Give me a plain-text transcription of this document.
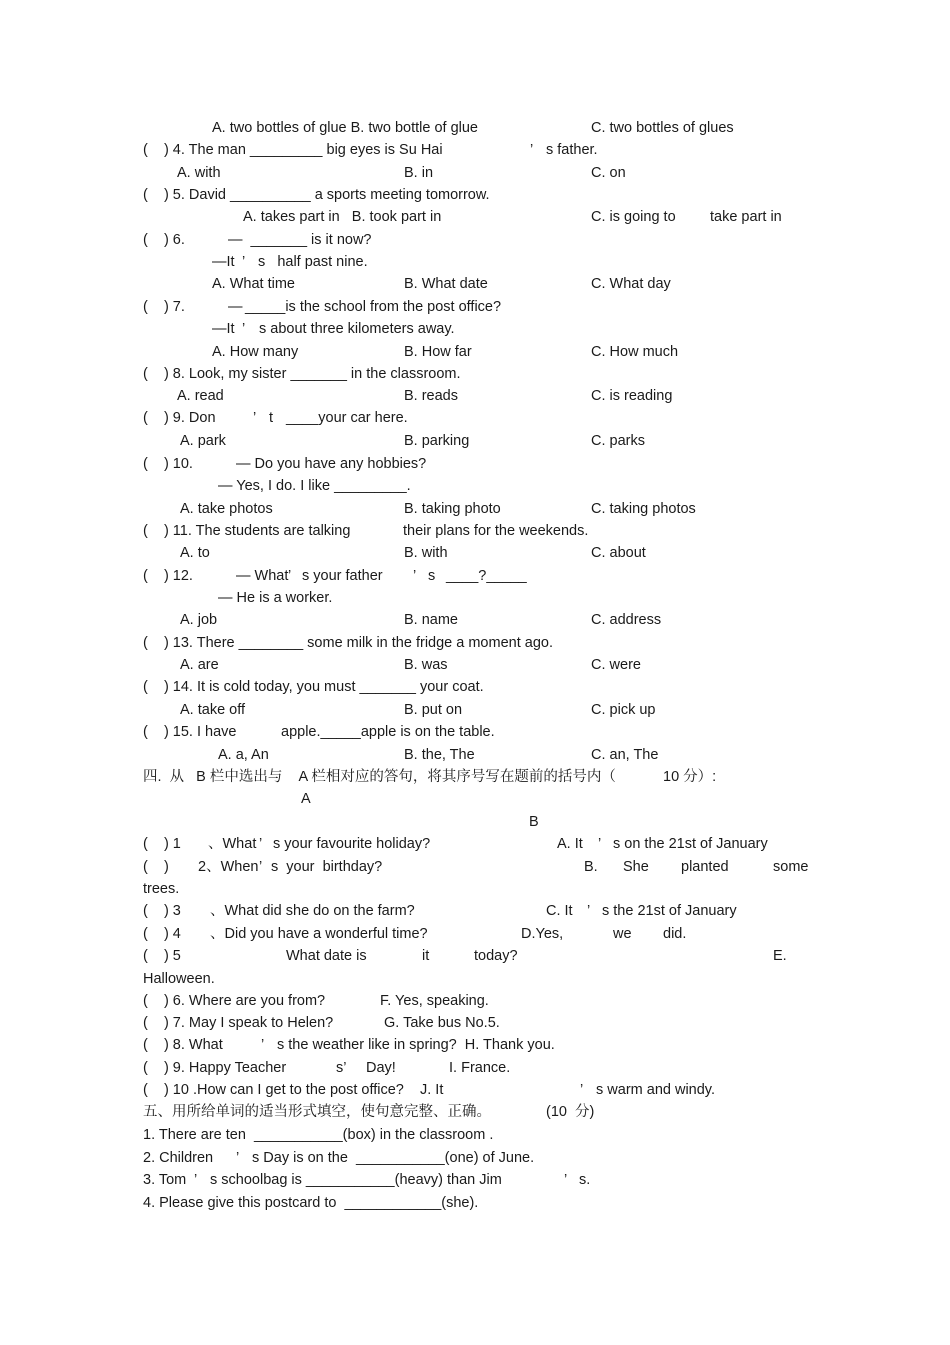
A. two bottles of glue B. two bottle of glue	C. two bottles of glues
(    ) 4. The man _________ big eyes is Su Hai	’ s father.
A. with	B. in	C. on
(    ) 5. David __________ a sports meeting tomorrow.
A. takes part in   B. took part in	C. is going to take part in
(    ) 6.	—  _______ is it now?
—It ’ s   half past nine.
A. What time	B. What date	C. What day
(    ) 7.	— _____is the school from the post office?
—It ’ s about three kilometers away.
A. How many	B. How far	C. How much
(    ) 8. Look, my sister _______ in the classroom.
A. read	B. reads	C. is reading
(    ) 9. Don	’ t ____your car here.
A. park	B. parking	C. parks
(    ) 10.	— Do you have any hobbies?
— Yes, I do. I like _________.
A. take photos	B. taking photo	C. taking photos
(    ) 11. The students are talking	their plans for the weekends.
A. to	B. with	C. about
(    ) 12.	— What ’ s your father ’ s ____?_____
— He is a worker.
A. job	B. name	C. address
(    ) 13. There ________ some milk in the fridge a moment ago.
A. are	B. was	C. were
(    ) 14. It is cold today, you must _______ your coat.
A. take off	B. put on	C. pick up
(    ) 15. I have	apple._____apple is on the table.
A. a, An	B. the, The	C. an, The
四.  从   B 栏中选出与    A 栏相对应的答句，将其序号写在题前的括号内（	10 分）:
A
B
(    ) 1 、What ’ s your favourite holiday?	A. It ’ s on the 21st of January
(    ) 2、When ’ s  your  birthday?	B. She planted	some
trees.
(    ) 3 、What did she do on the farm?	C. It ’ s the 21st of January
(    ) 4 、Did you have a wonderful time?	D.Yes,	we did.
(    ) 5	What date is	it	today?	E.
Halloween.
(    ) 6. Where are you from?	F. Yes, speaking.
(    ) 7. May I speak to Helen?	G. Take bus No.5.
(    ) 8. What	’ s the weather like in spring?  H. Thank you.
(    ) 9. Happy Teacher	s’ Day!	I. France.
(    ) 10 .How can I get to the post office?    J. It	’ s warm and windy.
五、用所给单词的适当形式填空，使句意完整、正确。	(10  分)
1. There are ten  ___________(box) in the classroom .
2. Children ’ s Day is on the  ___________(one) of June.
3. Tom ’ s schoolbag is ___________(heavy) than Jim	’ s.
4. Please give this postcard to  ____________(she).
